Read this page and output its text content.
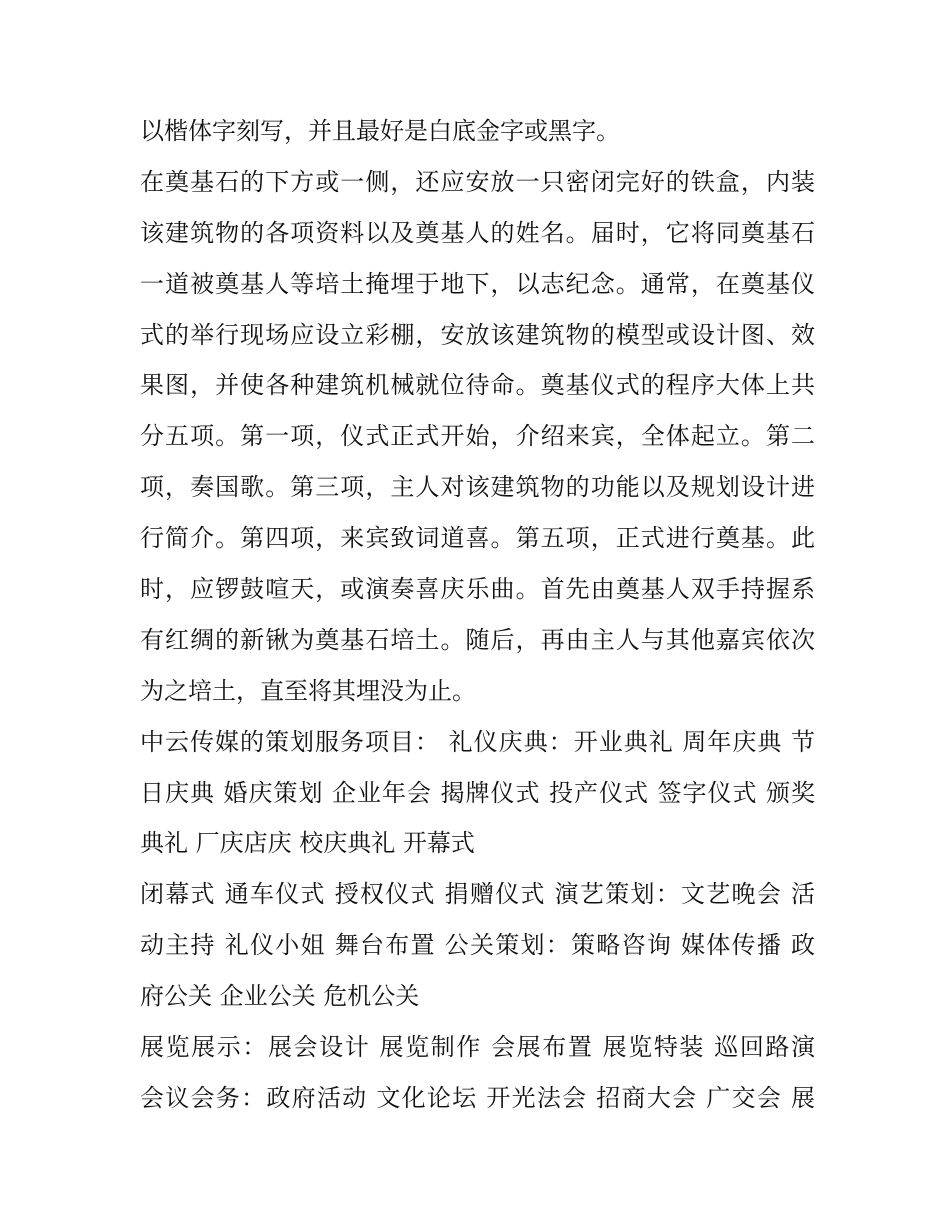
以楷体字刻写，并且最好是白底金字或黑字。
在奠基石的下方或一侧，还应安放一只密闭完好的铁盒，内装
该建筑物的各项资料以及奠基人的姓名。届时，它将同奠基石
一道被奠基人等培土掩埋于地下，以志纪念。通常，在奠基仪
式的举行现场应设立彩棚，安放该建筑物的模型或设计图、效
果图，并使各种建筑机械就位待命。奠基仪式的程序大体上共
分五项。第一项，仪式正式开始，介绍来宾，全体起立。第二
项，奏国歌。第三项，主人对该建筑物的功能以及规划设计进
行简介。第四项，来宾致词道喜。第五项，正式进行奠基。此
时，应锣鼓喧天，或演奏喜庆乐曲。首先由奠基人双手持握系
有红绸的新锹为奠基石培土。随后，再由主人与其他嘉宾依次
为之培土，直至将其埋没为止。
中云传媒的策划服务项目： 礼仪庆典：开业典礼 周年庆典 节
日庆典 婚庆策划 企业年会 揭牌仪式 投产仪式 签字仪式 颁奖
典礼 厂庆店庆 校庆典礼 开幕式
闭幕式 通车仪式 授权仪式 捐赠仪式 演艺策划：文艺晚会 活
动主持 礼仪小姐 舞台布置 公关策划：策略咨询 媒体传播 政
府公关 企业公关 危机公关
展览展示：展会设计 展览制作 会展布置 展览特装 巡回路演
会议会务：政府活动 文化论坛 开光法会 招商大会 广交会 展
